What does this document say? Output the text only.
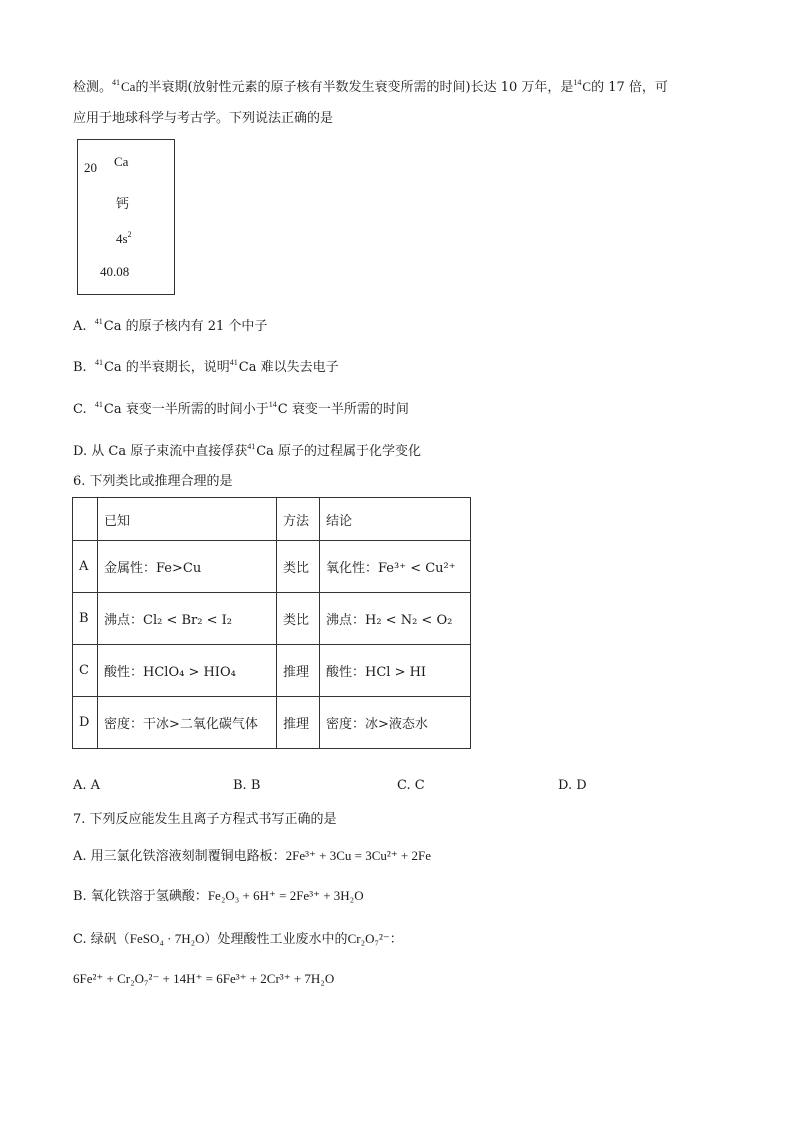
检测。$^{41}$Ca的半衰期(放射性元素的原子核有半数发生衰变所需的时间)长达 10 万年，是$^{14}$C的 17 倍，可
应用于地球科学与考古学。下列说法正确的是
20 Ca
钙
$4s^2$
40.08
A. $^{41}$Ca 的原子核内有 21 个中子
B. $^{41}$Ca 的半衰期长，说明$^{41}$Ca 难以失去电子
C. $^{41}$Ca 衰变一半所需的时间小于$^{14}$C 衰变一半所需的时间
D. 从 Ca 原子束流中直接俘获$^{41}$Ca 原子的过程属于化学变化
6. 下列类比或推理合理的是
	已知	方法	结论
A	金属性：Fe>Cu	类比	氧化性：Fe³⁺ < Cu²⁺
B	沸点：Cl₂ < Br₂ < I₂	类比	沸点：H₂ < N₂ < O₂
C	酸性：HClO₄ > HIO₄	推理	酸性：HCl > HI
D	密度：干冰>二氧化碳气体	推理	密度：冰>液态水
A. A	B. B	C. C	D. D
7. 下列反应能发生且离子方程式书写正确的是
A. 用三氯化铁溶液刻制覆铜电路板：2Fe³⁺ + 3Cu = 3Cu²⁺ + 2Fe
B. 氧化铁溶于氢碘酸：Fe₂O₃ + 6H⁺ = 2Fe³⁺ + 3H₂O
C. 绿矾（FeSO₄ · 7H₂O）处理酸性工业废水中的Cr₂O₇²⁻：
6Fe²⁺ + Cr₂O₇²⁻ + 14H⁺ = 6Fe³⁺ + 2Cr³⁺ + 7H₂O
